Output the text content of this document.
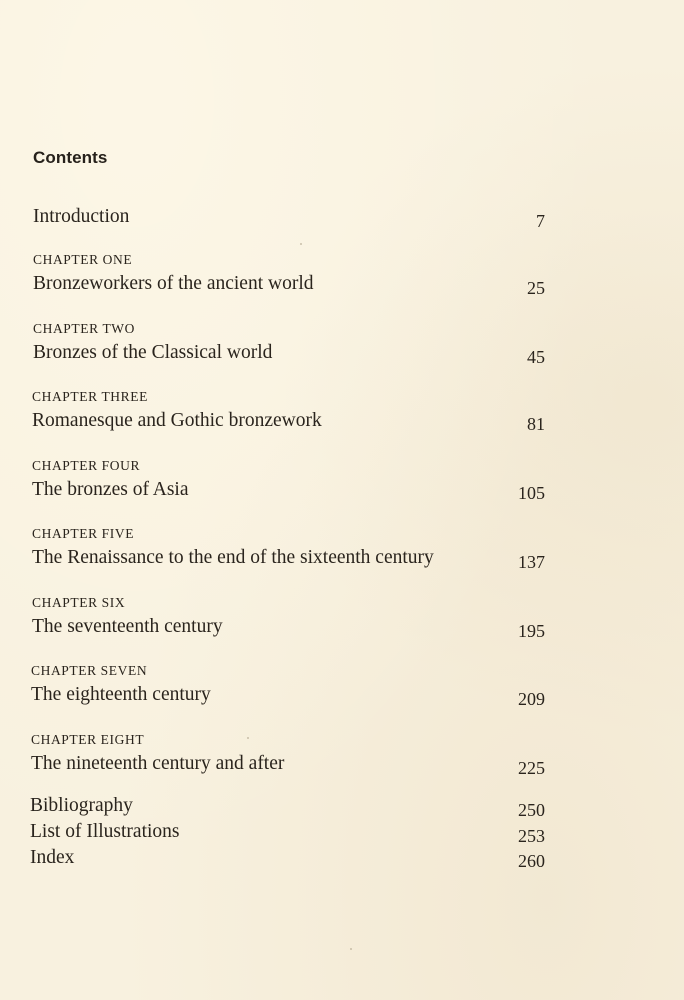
Contents
Introduction	7
CHAPTER ONE
Bronzeworkers of the ancient world	25
CHAPTER TWO
Bronzes of the Classical world	45
CHAPTER THREE
Romanesque and Gothic bronzework	81
CHAPTER FOUR
The bronzes of Asia	105
CHAPTER FIVE
The Renaissance to the end of the sixteenth century	137
CHAPTER SIX
The seventeenth century	195
CHAPTER SEVEN
The eighteenth century	209
CHAPTER EIGHT
The nineteenth century and after	225
Bibliography	250
List of Illustrations	253
Index	260
